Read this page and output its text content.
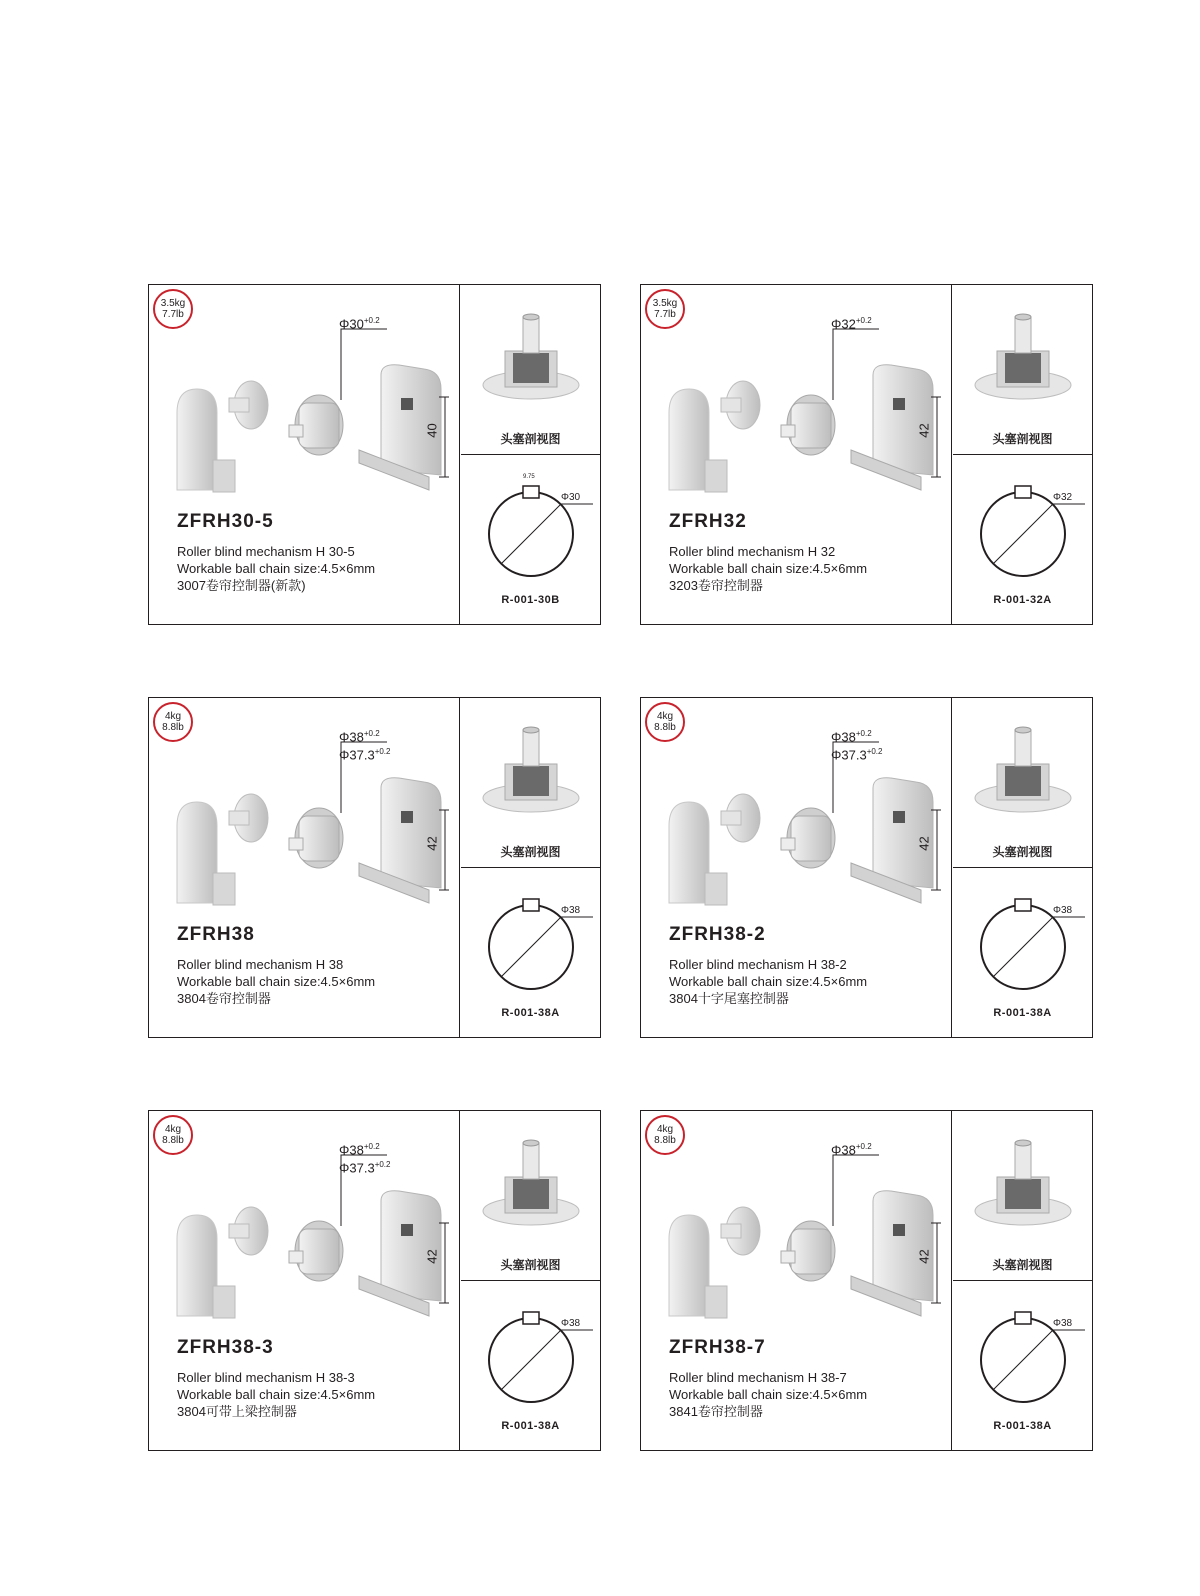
3.5kg
7.7lb
$\Phi 30^{+0.2}$
40
ZFRH30-5
Roller blind mechanism H 30-5
Workable ball chain size:4.5×6mm
3007卷帘控制器(新款)
头塞剖视图
Φ30
9.75
R-001-30B
3.5kg
7.7lb
$\Phi 32^{+0.2}$
42
ZFRH32
Roller blind mechanism H 32
Workable ball chain size:4.5×6mm
3203卷帘控制器
头塞剖视图
Φ32
R-001-32A
4kg
8.8lb
$\Phi 38^{+0.2}$
$\Phi 37.3^{+0.2}$
42
ZFRH38
Roller blind mechanism H 38
Workable ball chain size:4.5×6mm
3804卷帘控制器
头塞剖视图
Φ38
R-001-38A
4kg
8.8lb
$\Phi 38^{+0.2}$
$\Phi 37.3^{+0.2}$
42
ZFRH38-2
Roller blind mechanism H 38-2
Workable ball chain size:4.5×6mm
3804十字尾塞控制器
头塞剖视图
Φ38
R-001-38A
4kg
8.8lb
$\Phi 38^{+0.2}$
$\Phi 37.3^{+0.2}$
42
ZFRH38-3
Roller blind mechanism H 38-3
Workable ball chain size:4.5×6mm
3804可带上梁控制器
头塞剖视图
Φ38
R-001-38A
4kg
8.8lb
$\Phi 38^{+0.2}$
42
ZFRH38-7
Roller blind mechanism H 38-7
Workable ball chain size:4.5×6mm
3841卷帘控制器
头塞剖视图
Φ38
R-001-38A
